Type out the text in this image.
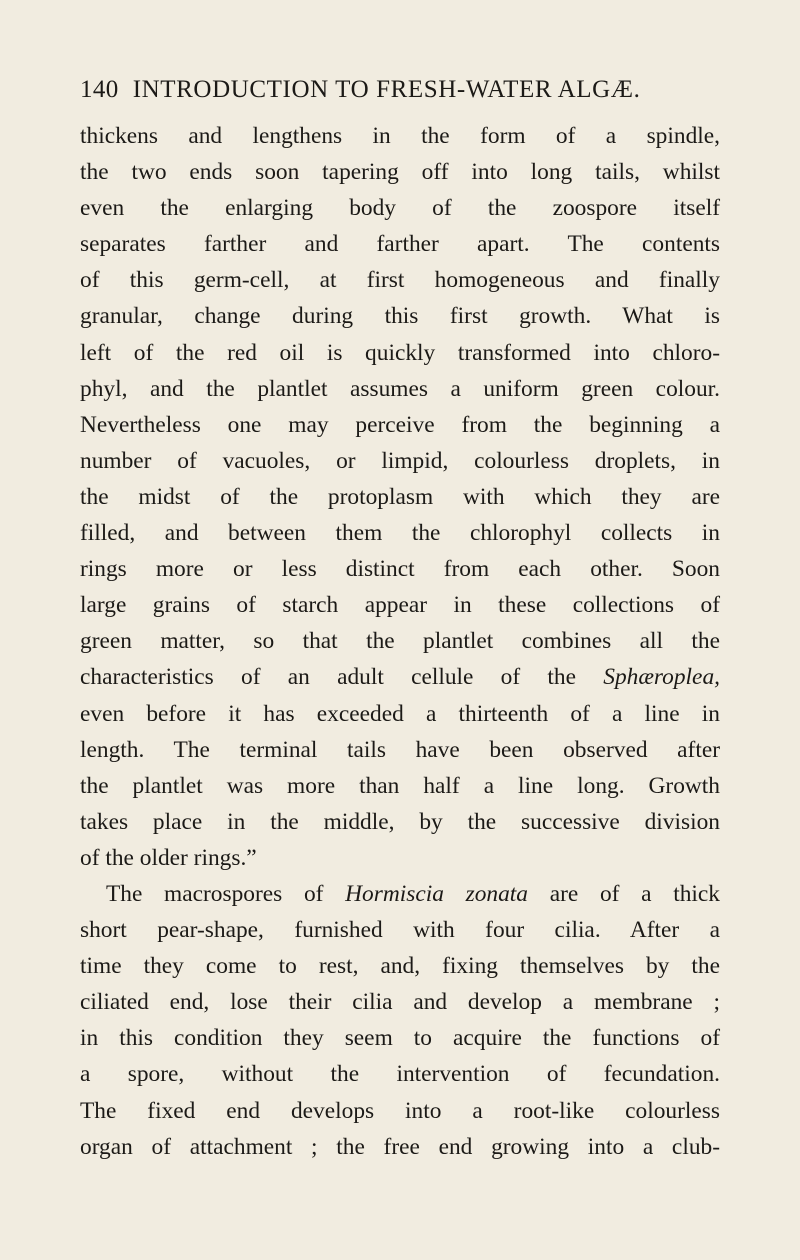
140 INTRODUCTION TO FRESH-WATER ALGÆ.
thickens and lengthens in the form of a spindle,
the two ends soon tapering off into long tails, whilst
even the enlarging body of the zoospore itself
separates farther and farther apart. The contents
of this germ-cell, at first homogeneous and finally
granular, change during this first growth. What is
left of the red oil is quickly transformed into chloro-
phyl, and the plantlet assumes a uniform green colour.
Nevertheless one may perceive from the beginning a
number of vacuoles, or limpid, colourless droplets, in
the midst of the protoplasm with which they are
filled, and between them the chlorophyl collects in
rings more or less distinct from each other. Soon
large grains of starch appear in these collections of
green matter, so that the plantlet combines all the
characteristics of an adult cellule of the Sphæroplea,
even before it has exceeded a thirteenth of a line in
length. The terminal tails have been observed after
the plantlet was more than half a line long. Growth
takes place in the middle, by the successive division
of the older rings.”
The macrospores of Hormiscia zonata are of a thick
short pear-shape, furnished with four cilia. After a
time they come to rest, and, fixing themselves by the
ciliated end, lose their cilia and develop a membrane ;
in this condition they seem to acquire the functions of
a spore, without the intervention of fecundation.
The fixed end develops into a root-like colourless
organ of attachment ; the free end growing into a club-
